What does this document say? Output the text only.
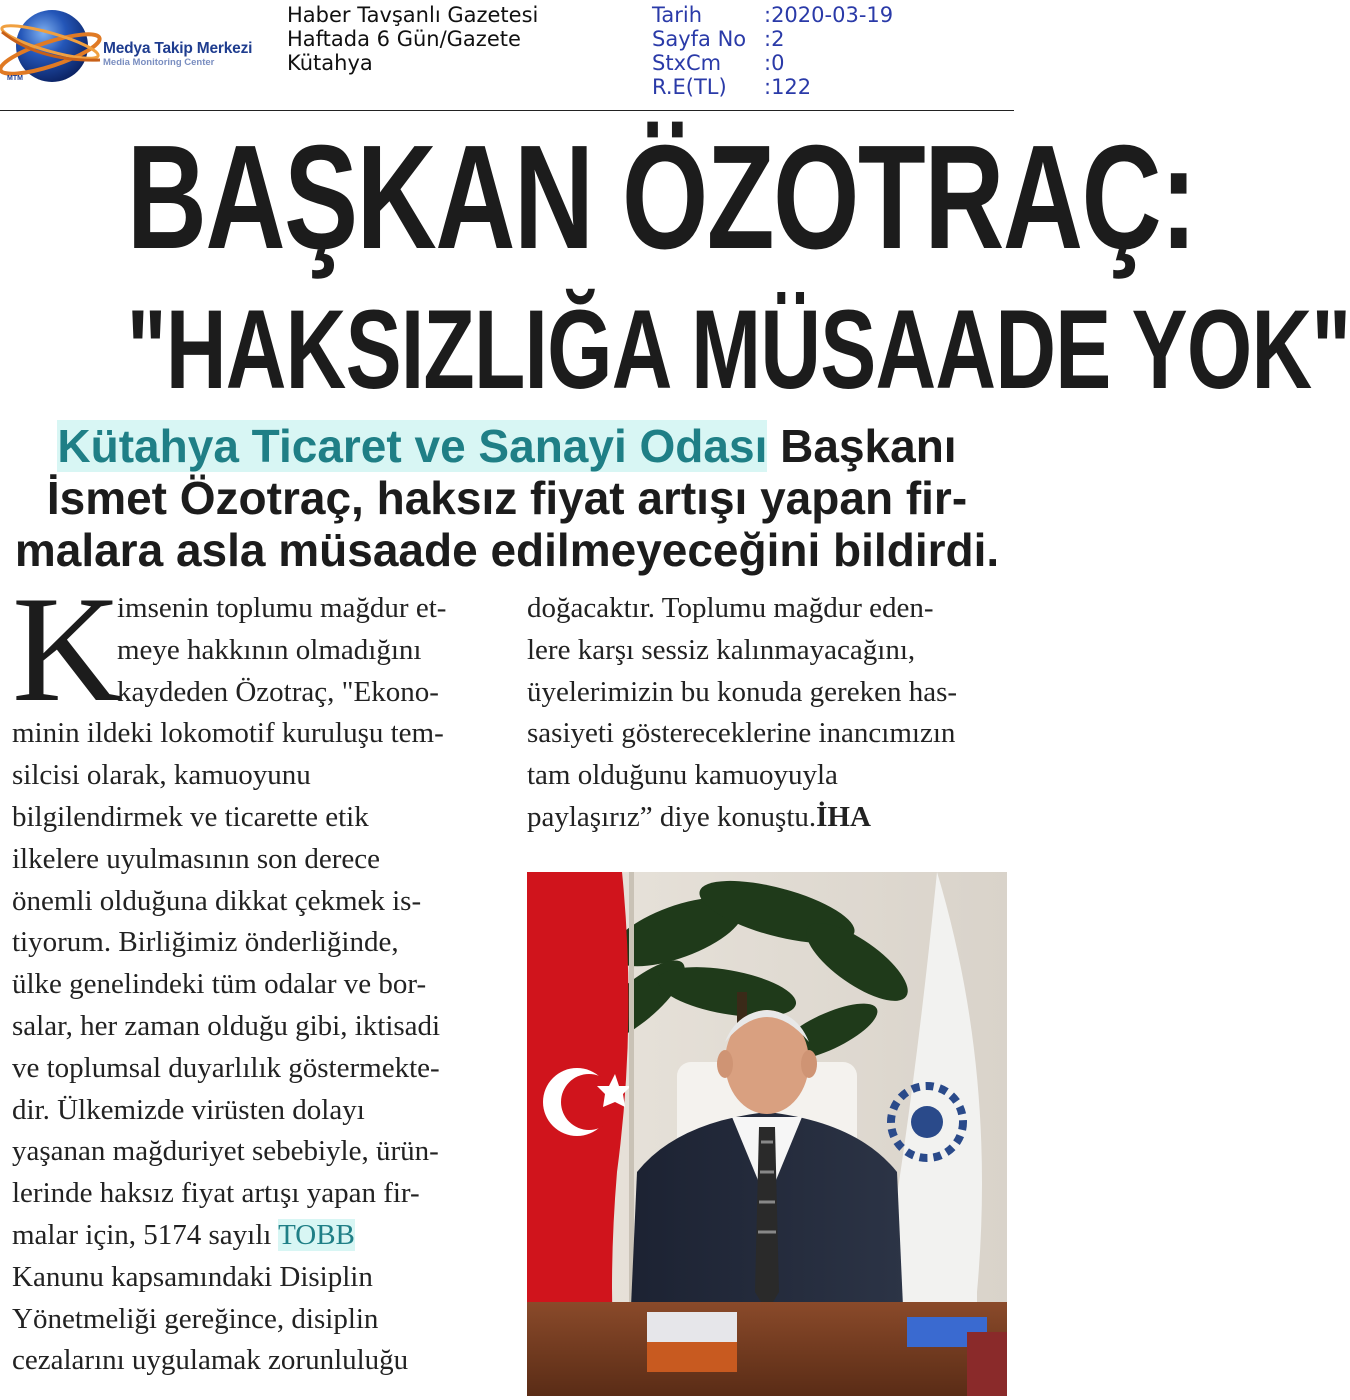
Medya Takip Merkezi
Media Monitoring Center
MTM
Haber Tavşanlı Gazetesi
Haftada 6 Gün/Gazete
Kütahya
Tarih	:2020-03-19
Sayfa No :2
StxCm :0
R.E(TL) :122
BAŞKAN ÖZOTRAÇ:
"HAKSIZLIĞA MÜSAADE YOK"
Kütahya Ticaret ve Sanayi Odası Başkanı
İsmet Özotraç, haksız fiyat artışı yapan fir-
malara asla müsaade edilmeyeceğini bildirdi.
K
imsenin toplumu mağdur et-
meye hakkının olmadığını
kaydeden Özotraç, "Ekono-
minin ildeki lokomotif kuruluşu tem-
silcisi olarak, kamuoyunu
bilgilendirmek ve ticarette etik
ilkelere uyulmasının son derece
önemli olduğuna dikkat çekmek is-
tiyorum. Birliğimiz önderliğinde,
ülke genelindeki tüm odalar ve bor-
salar, her zaman olduğu gibi, iktisadi
ve toplumsal duyarlılık göstermekte-
dir. Ülkemizde virüsten dolayı
yaşanan mağduriyet sebebiyle, ürün-
lerinde haksız fiyat artışı yapan fir-
malar için, 5174 sayılı TOBB
Kanunu kapsamındaki Disiplin
Yönetmeliği gereğince, disiplin
cezalarını uygulamak zorunluluğu
doğacaktır. Toplumu mağdur eden-
lere karşı sessiz kalınmayacağını,
üyelerimizin bu konuda gereken has-
sasiyeti göstereceklerine inancımızın
tam olduğunu kamuoyuyla
paylaşırız” diye konuştu.İHA
